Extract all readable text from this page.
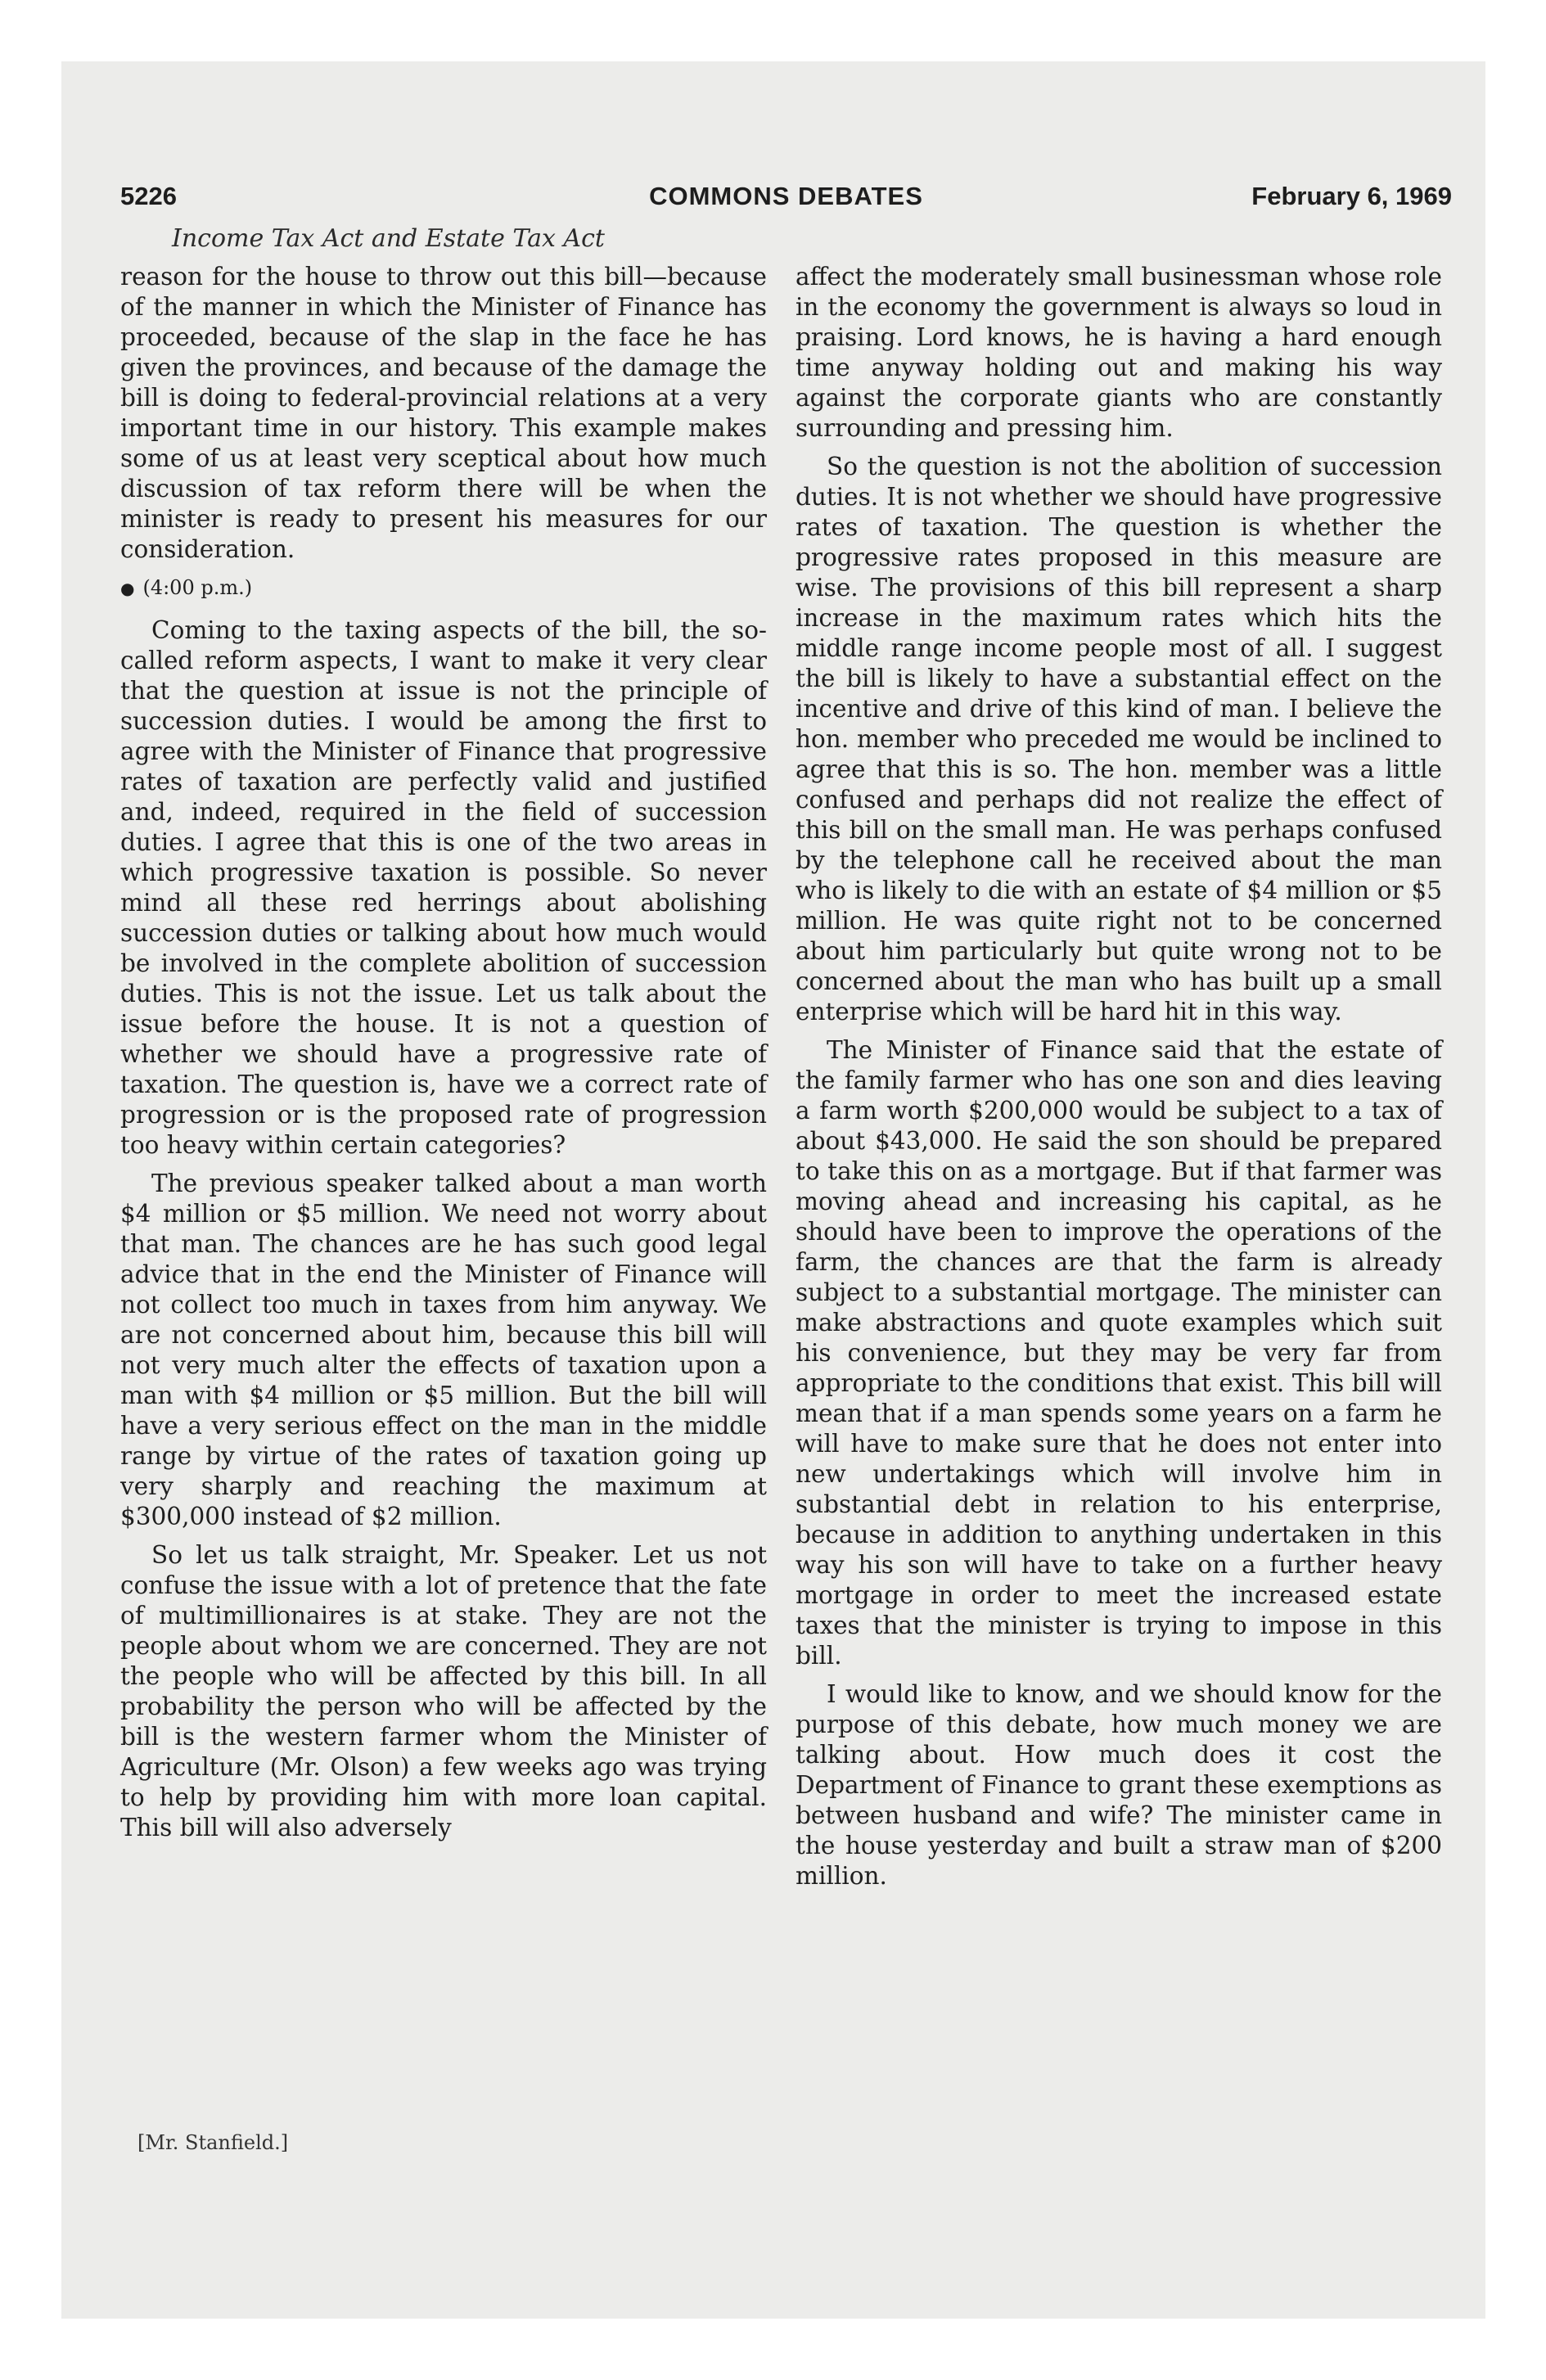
5226	COMMONS DEBATES	February 6, 1969
Income Tax Act and Estate Tax Act

reason for the house to throw out this bill—because of the manner in which the Minister of Finance has proceeded, because of the slap in the face he has given the provinces, and because of the damage the bill is doing to federal-provincial relations at a very important time in our history. This example makes some of us at least very sceptical about how much discussion of tax reform there will be when the minister is ready to present his measures for our consideration.

● (4:00 p.m.)

Coming to the taxing aspects of the bill, the so-called reform aspects, I want to make it very clear that the question at issue is not the principle of succession duties. I would be among the first to agree with the Minister of Finance that progressive rates of taxation are perfectly valid and justified and, indeed, required in the field of succession duties. I agree that this is one of the two areas in which progressive taxation is possible. So never mind all these red herrings about abolishing succession duties or talking about how much would be involved in the complete abolition of succession duties. This is not the issue. Let us talk about the issue before the house. It is not a question of whether we should have a progressive rate of taxation. The question is, have we a correct rate of progression or is the proposed rate of progression too heavy within certain categories?

The previous speaker talked about a man worth $4 million or $5 million. We need not worry about that man. The chances are he has such good legal advice that in the end the Minister of Finance will not collect too much in taxes from him anyway. We are not concerned about him, because this bill will not very much alter the effects of taxation upon a man with $4 million or $5 million. But the bill will have a very serious effect on the man in the middle range by virtue of the rates of taxation going up very sharply and reaching the maximum at $300,000 instead of $2 million.

So let us talk straight, Mr. Speaker. Let us not confuse the issue with a lot of pretence that the fate of multimillionaires is at stake. They are not the people about whom we are concerned. They are not the people who will be affected by this bill. In all probability the person who will be affected by the bill is the western farmer whom the Minister of Agriculture (Mr. Olson) a few weeks ago was trying to help by providing him with more loan capital. This bill will also adversely

affect the moderately small businessman whose role in the economy the government is always so loud in praising. Lord knows, he is having a hard enough time anyway holding out and making his way against the corporate giants who are constantly surrounding and pressing him.

So the question is not the abolition of succession duties. It is not whether we should have progressive rates of taxation. The question is whether the progressive rates proposed in this measure are wise. The provisions of this bill represent a sharp increase in the maximum rates which hits the middle range income people most of all. I suggest the bill is likely to have a substantial effect on the incentive and drive of this kind of man. I believe the hon. member who preceded me would be inclined to agree that this is so. The hon. member was a little confused and perhaps did not realize the effect of this bill on the small man. He was perhaps confused by the telephone call he received about the man who is likely to die with an estate of $4 million or $5 million. He was quite right not to be concerned about him particularly but quite wrong not to be concerned about the man who has built up a small enterprise which will be hard hit in this way.

The Minister of Finance said that the estate of the family farmer who has one son and dies leaving a farm worth $200,000 would be subject to a tax of about $43,000. He said the son should be prepared to take this on as a mortgage. But if that farmer was moving ahead and increasing his capital, as he should have been to improve the operations of the farm, the chances are that the farm is already subject to a substantial mortgage. The minister can make abstractions and quote examples which suit his convenience, but they may be very far from appropriate to the conditions that exist. This bill will mean that if a man spends some years on a farm he will have to make sure that he does not enter into new undertakings which will involve him in substantial debt in relation to his enterprise, because in addition to anything undertaken in this way his son will have to take on a further heavy mortgage in order to meet the increased estate taxes that the minister is trying to impose in this bill.

I would like to know, and we should know for the purpose of this debate, how much money we are talking about. How much does it cost the Department of Finance to grant these exemptions as between husband and wife? The minister came in the house yesterday and built a straw man of $200 million.

[Mr. Stanfield.]
